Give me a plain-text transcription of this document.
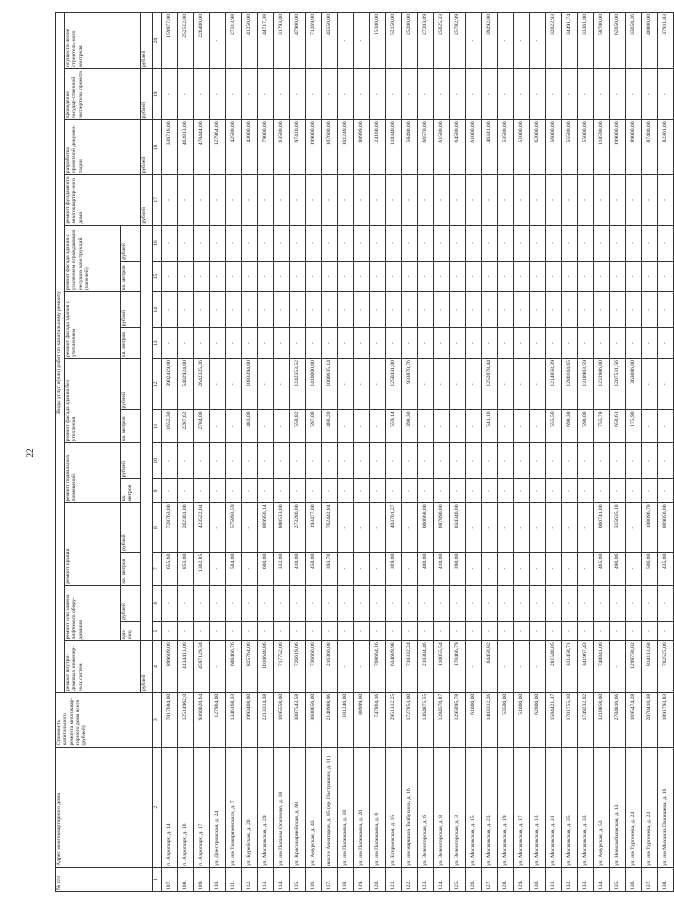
22
№ п/п	Адрес многоквартирного дома	Стоимость капитального ремонта многоквар-тирного дома всего (рублей)	Виды услуг и(или) работ по капитальному ремонту																
			ремонт внутри-домовых инженер-ных систем	ремонт или замена лифтового обору-дования		ремонт крыши		ремонт подвальных помещений		ремонт фасада здания без утепления		ремонт фасада здания с утеплением		ремонт фасада здания с усилением ограждающих несущих конструкций (панелей)		ремонт фундамента многоквартир-ного дома	разработка проектной докумен-тации	проведение государ-ственной экспертизы проекта	осуществ-ление строитель-ного контроля
				еди-ниц	рублей	кв. метров	рублей	кв. метров	рублей	кв. метров	рублей	кв. метров	рублей	кв. метров	рублей				
			рублей													рублей	рублей	рублей	рублей
1	2	3	4	5	6	7	8	9	10	11	12	13	14	15	16	17	18	19	20
107.	п. Аэропорт, д. 14	7017684,00	899609,00	-	-	655,60	728763,00	-	-	1652,30	3902419,00	-	-	-	-	-	336716,00	-	159977,00
108.	п. Аэропорт, д. 16	12514962,0	4134413,00	-	-	853,00	262301,00	-	-	2287,62	5402924,00	-	-	-	-	-	462813,00	-	252512,00
109.	п. Аэропорт, д. 17	9360020,64	4597129,34	-	-	1362,85	423522,04	-	-	2784,00	2642325,26	-	-	-	-	-	470444,00	-	226400,00
110.	ул. Днестровская, д. 24	127964,00	-	-	-	-	-	-	-	-	-	-	-	-	-	-	127964,00	-	-
111.	ул. им Тимирязевского, д. 7	1346168,33	600460,76	-	-	564,00	575893,59	-	-	-	-	-	-	-	-	-	42500,00	-	27313,98
112.	ул. Бурейская, д. 20	1993408,00	825764,00	-	-	-	-	-	-	483,00	1083394,00	-	-	-	-	-	43000,00	-	41250,00
113.	ул. Московская, д. 29	2213314,38	1010640,86	-	-	600,00	069956,14	-	-	-	-	-	-	-	-	-	79000,00	-	44717,38
114.	ул. им Полины Осипенко, д. 18	1695558,00	717752,00	-	-	332,00	880513,00	-	-	-	-	-	-	-	-	-	63500,00	-	31793,00
115.	ул. Красноармейская, д. 60	3087543,58	726619,06	-	-	410,00	273286,00	-	-	558,82	1242353,52	-	-	-	-	-	97410,00	-	47900,00
116.	ул. Амурская, д. 43	3600656,00	736660,00	-	-	450,00	193477,00	-	-	597,00	1410000,00	-	-	-	-	-	199000,00	-	71269,00
117.	шоссе Авиаторов, д. 85 (ер. Пастушкин, д. 11)	2140988,06	216360,08	-	-	393,70	762442,84	-	-	466,20	1000635,14	-	-	-	-	-	107600,00	-	43550,00
118.	ул. им Полежаева, д. 18	101240,00	-	-	-	-	-	-	-	-	-	-	-	-	-	-	101240,00	-	-
119.	ул. им Полежаева, д. 20	88999,00	-	-	-	-	-	-	-	-	-	-	-	-	-	-	88999,00	-	-
120.	ул. им Полежаева, д. 6	747864,16	708664,16	-	-	-	-	-	-	-	-	-	-	-	-	-	24100,00	-	15100,00
121.	ул. Егорьевская, д. 15	2951312,25	634689,98	-	-	369,00	403701,27	-	-	559,14	1250431,00	-	-	-	-	-	110340,00	-	52150,00
122.	ул. им маршала Толбухина, д. 16	1727853,00	710332,24	-	-	-	-	-	-	398,30	933870,76	-	-	-	-	-	58490,00	-	25200,00
123.	ул. Зеленгорская, д. 6	1364875,55	210304,46	-	-	400,00	060668,00	-	-	-	-	-	-	-	-	-	66570,00	-	27203,09
124.	ул. Зеленгорская, д. 8	1284570,87	110055,54	-	-	410,00	087890,00	-	-	-	-	-	-	-	-	-	61500,00	-	25625,33
125.	ул. Зеленгорская, д. 3	1295095,78	170466,79	-	-	390,00	034346,00	-	-	-	-	-	-	-	-	-	64500,00	-	25782,99
126.	ул. Московская, д. 15	61000,00	-	-	-	-	-	-	-	-	-	-	-	-	-	-	61000,00	-	-
127.	ул. Московская, д. 23	1403312,26	64450,82	-	-	-	-	-	-	541,10	1252078,44	-	-	-	-	-	46341,00	-	39292,00
128.	ул. Московская, д. 19	53500,00	-	-	-	-	-	-	-	-	-	-	-	-	-	-	53500,00	-	-
129.	ул. Московская, д. 17	51000,00	-	-	-	-	-	-	-	-	-	-	-	-	-	-	51000,00	-	-
130.	ул. Московская, д. 13	62000,00	-	-	-	-	-	-	-	-	-	-	-	-	-	-	62000,00	-	-
131.	ул. Московская, д. 31	1584421,37	281540,05	-	-	-	-	-	-	555,50	1214858,39	-	-	-	-	-	56000,00	-	32022,93
132.	ул. Московская, д. 35	1701755,10	331458,71	-	-	-	-	-	-	698,38	1280104,65	-	-	-	-	-	55500,00	-	34491,74
133.	ул. Московская, д. 33	1749232,02	341967,43	-	-	-	-	-	-	590,00	1318903,59	-	-	-	-	-	55000,00	-	33361,00
134.	ул. Амурская, д. 53	3210858,00	748841,00	-	-	465,00	060741,00	-	-	755,78	1231986,00	-	-	-	-	-	118590,00	-	58700,00
135.	ул. Новозыбковская, д. 13	2784816,66	-	-	-	496,06	315635,10	-	-	650,61	1207531,56	-	-	-	-	-	199000,00	-	62650,00
136.	ул. им Тургенева, д. 24	1695474,28	1299730,02	-	-	-	-	-	-	175,90	363086,00	-	-	-	-	-	89000,00	-	33658,26
137.	ул. им Тургенева, д. 23	2070410,38	834113,68	-	-	506,00	108096,70	-	-	-	-	-	-	-	-	-	87400,00	-	40800,00
138.	ул. им Михаила Панишева, д. 16	1891793,83	702525,00	-	-	435,00	069056,00	-	-	-	-	-	-	-	-	-	82301,00	-	37911,83
